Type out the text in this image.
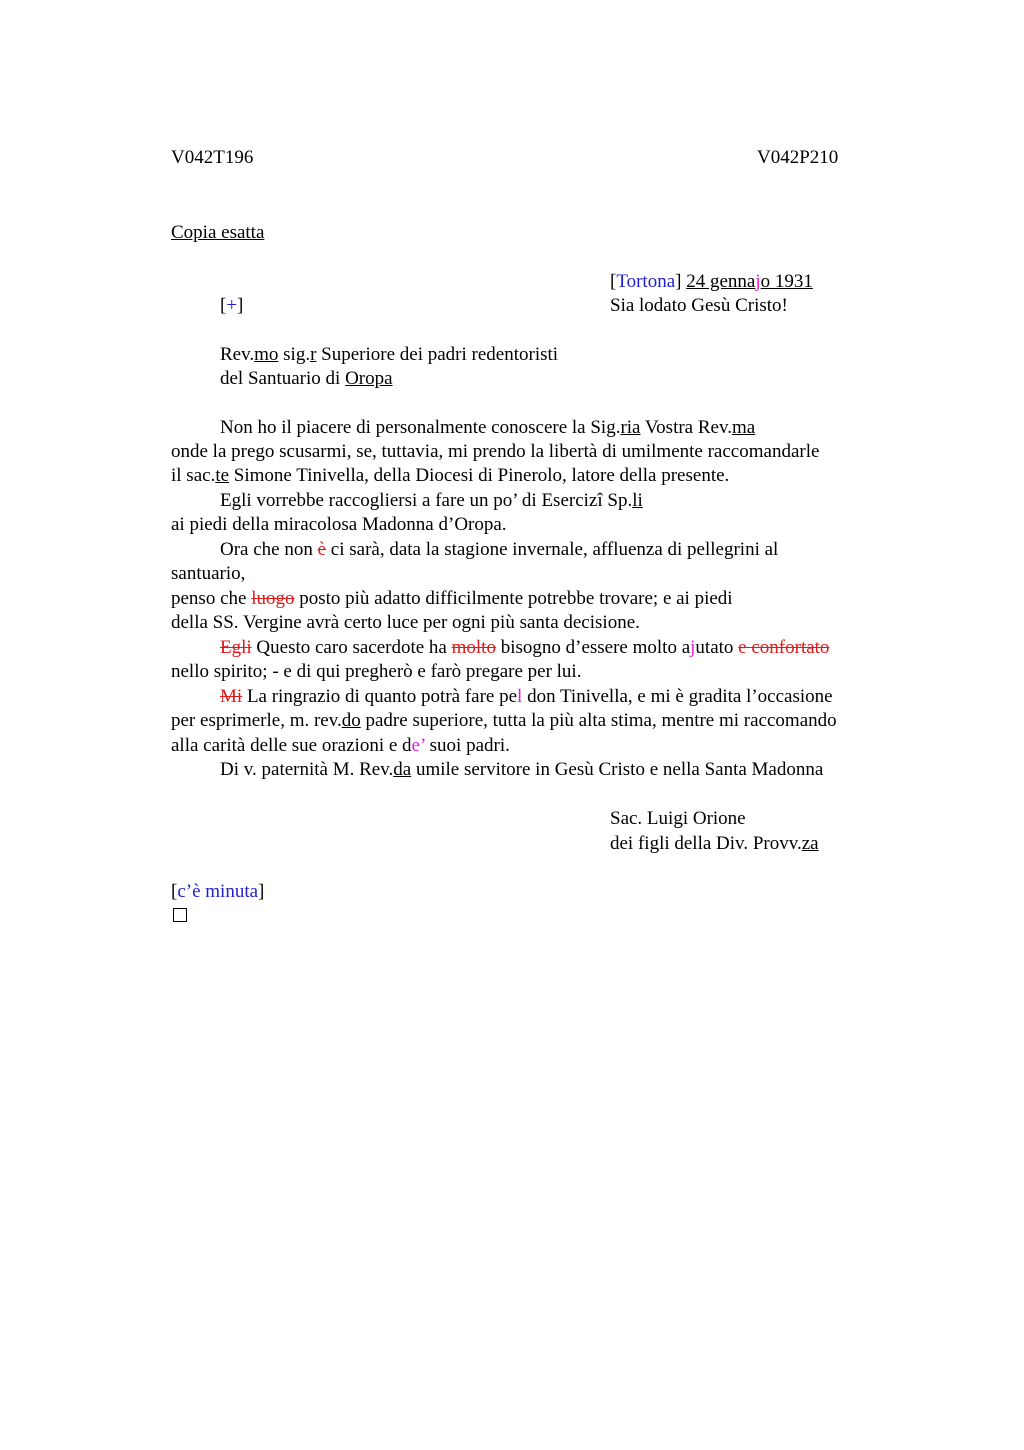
V042T196	V042P210
Copia esatta
[Tortona] 24 gennajo 1931
[+]	Sia lodato Gesù Cristo!
Rev.mo sig.r Superiore dei padri redentoristi
del Santuario di Oropa
Non ho il piacere di personalmente conoscere la Sig.ria Vostra Rev.ma
onde la prego scusarmi, se, tuttavia, mi prendo la libertà di umilmente raccomandarle
il sac.te Simone Tinivella, della Diocesi di Pinerolo, latore della presente.
Egli vorrebbe raccogliersi a fare un po’ di Esercizî Sp.li
ai piedi della miracolosa Madonna d’Oropa.
Ora che non è ci sarà, data la stagione invernale, affluenza di pellegrini al
santuario,
penso che luogo posto più adatto difficilmente potrebbe trovare; e ai piedi
della SS. Vergine avrà certo luce per ogni più santa decisione.
Egli Questo caro sacerdote ha molto bisogno d’essere molto ajutato e confortato
nello spirito; - e di qui pregherò e farò pregare per lui.
Mi La ringrazio di quanto potrà fare pel don Tinivella, e mi è gradita l’occasione
per esprimerle, m. rev.do padre superiore, tutta la più alta stima, mentre mi raccomando
alla carità delle sue orazioni e de’ suoi padri.
Di v. paternità M. Rev.da umile servitore in Gesù Cristo e nella Santa Madonna
Sac. Luigi Orione
dei figli della Div. Provv.za
[c’è minuta]
